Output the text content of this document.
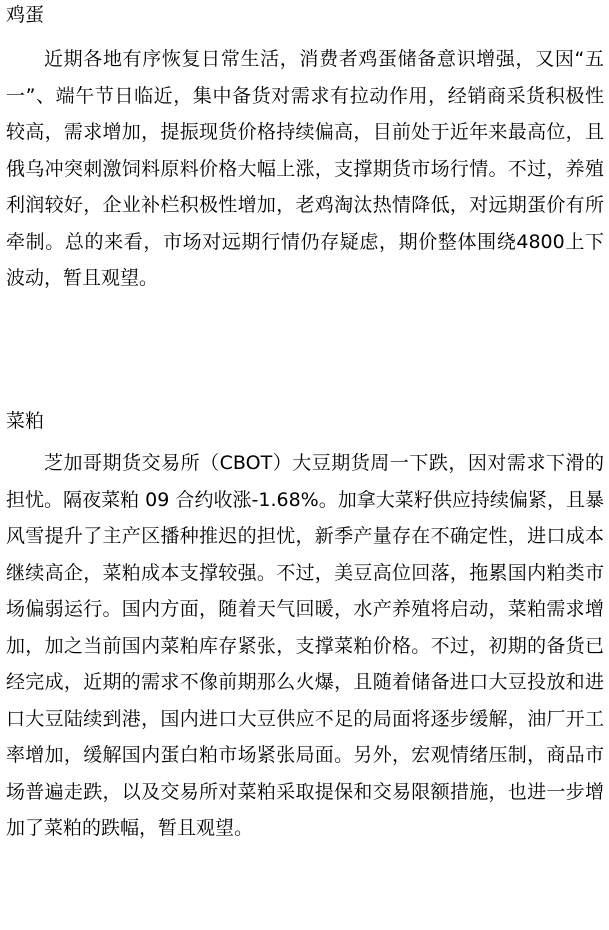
鸡蛋

近期各地有序恢复日常生活，消费者鸡蛋储备意识增强，又因“五一”、端午节日临近，集中备货对需求有拉动作用，经销商采货积极性较高，需求增加，提振现货价格持续偏高，目前处于近年来最高位，且俄乌冲突刺激饲料原料价格大幅上涨，支撑期货市场行情。不过，养殖利润较好，企业补栏积极性增加，老鸡淘汰热情降低，对远期蛋价有所牵制。总的来看，市场对远期行情仍存疑虑，期价整体围绕4800上下波动，暂且观望。

菜粕

芝加哥期货交易所（CBOT）大豆期货周一下跌，因对需求下滑的担忧。隔夜菜粕 09 合约收涨-1.68%。加拿大菜籽供应持续偏紧，且暴风雪提升了主产区播种推迟的担忧，新季产量存在不确定性，进口成本继续高企，菜粕成本支撑较强。不过，美豆高位回落，拖累国内粕类市场偏弱运行。国内方面，随着天气回暖，水产养殖将启动，菜粕需求增加，加之当前国内菜粕库存紧张，支撑菜粕价格。不过，初期的备货已经完成，近期的需求不像前期那么火爆，且随着储备进口大豆投放和进口大豆陆续到港，国内进口大豆供应不足的局面将逐步缓解，油厂开工率增加，缓解国内蛋白粕市场紧张局面。另外，宏观情绪压制，商品市场普遍走跌，以及交易所对菜粕采取提保和交易限额措施，也进一步增加了菜粕的跌幅，暂且观望。
